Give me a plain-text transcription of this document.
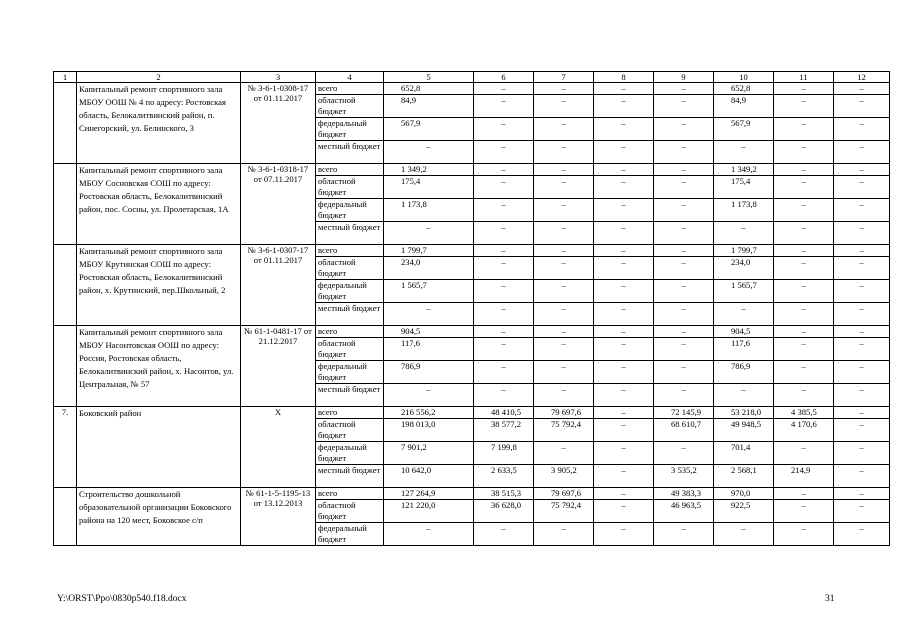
1	2	3	4	5	6	7	8	9	10	11	12
	Капитальный ремонт спортивного зала МБОУ ООШ № 4 по адресу: Ростовская область, Белокалитвинский район, п. Синегорский, ул. Белинского, 3	№ 3-6-1-0308-17 от 01.11.2017	всего	652,8	–	–	–	–	652,8	–	–
			областной бюджет	84,9	–	–	–	–	84,9	–	–
			федеральный бюджет	567,9	–	–	–	–	567,9	–	–
			местный бюджет	–	–	–	–	–	–	–	–
	Капитальный ремонт спортивного зала МБОУ Сосновская СОШ по адресу: Ростовская область, Белокалитвинский район, пос. Сосны, ул. Пролетарская, 1А	№ 3-6-1-0318-17 от 07.11.2017	всего	1 349,2	–	–	–	–	1 349,2	–	–
			областной бюджет	175,4	–	–	–	–	175,4	–	–
			федеральный бюджет	1 173,8	–	–	–	–	1 173,8	–	–
			местный бюджет	–	–	–	–	–	–	–	–
	Капитальный ремонт спортивного зала МБОУ Крутинская СОШ по адресу: Ростовская область, Белокалитвинский район, х. Крутинский, пер.Школьный, 2	№ 3-6-1-0307-17 от 01.11.2017	всего	1 799,7	–	–	–	–	1 799,7	–	–
			областной бюджет	234,0	–	–	–	–	234,0	–	–
			федеральный бюджет	1 565,7	–	–	–	–	1 565,7	–	–
			местный бюджет	–	–	–	–	–	–	–	–
	Капитальный ремонт спортивного зала МБОУ Насонтовская ООШ по адресу: Россия, Ростовская область, Белокалитвинский район, х. Насонтов, ул. Центральная, № 57	№ 61-1-0481-17 от 21.12.2017	всего	904,5	–	–	–	–	904,5	–	–
			областной бюджет	117,6	–	–	–	–	117,6	–	–
			федеральный бюджет	786,9	–	–	–	–	786,9	–	–
			местный бюджет	–	–	–	–	–	–	–	–
7.	Боковский район	Х	всего	216 556,2	48 410,5	79 697,6	–	72 145,9	53 218,0	4 385,5	–
			областной бюджет	198 013,0	38 577,2	75 792,4	–	68 610,7	49 948,5	4 170,6	–
			федеральный бюджет	7 901,2	7 199,8	–	–	–	701,4	–	–
			местный бюджет	10 642,0	2 633,5	3 905,2	–	3 535,2	2 568,1	214,9	–
	Строительство дошкольной образовательной организации Боковского района на 120 мест, Боковское с/п	№ 61-1-5-1195-13 от 13.12.2013	всего	127 264,9	38 515,3	79 697,6	–	49 383,3	970,0	–	–
			областной бюджет	121 220,0	36 628,0	75 792,4	–	46 963,5	922,5	–	–
			федеральный бюджет	–	–	–	–	–	–	–	–
Y:\ORST\Ppo\0830p540.f18.docx	31
